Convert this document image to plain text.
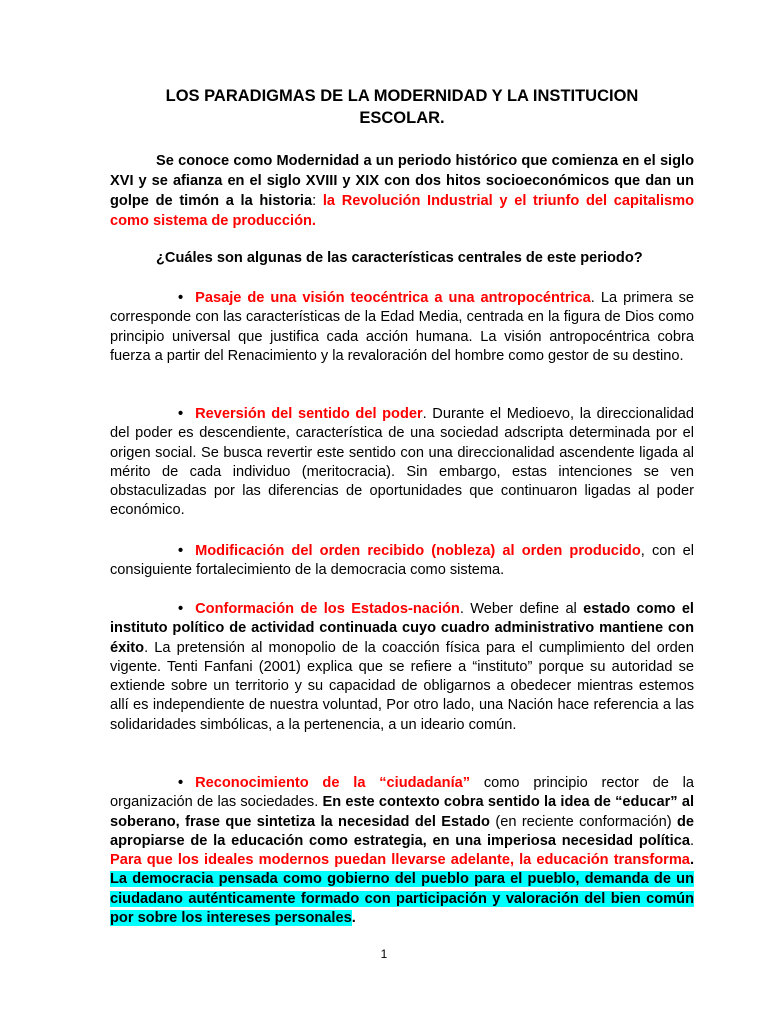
LOS PARADIGMAS DE LA MODERNIDAD Y LA INSTITUCION
ESCOLAR.

Se conoce como Modernidad a un periodo histórico que comienza en el siglo XVI y se afianza en el siglo XVIII y XIX con dos hitos socioeconómicos que dan un golpe de timón a la historia: la Revolución Industrial y el triunfo del capitalismo como sistema de producción.

¿Cuáles son algunas de las características centrales de este periodo?

• Pasaje de una visión teocéntrica a una antropocéntrica. La primera se corresponde con las características de la Edad Media, centrada en la figura de Dios como principio universal que justifica cada acción humana. La visión antropocéntrica cobra fuerza a partir del Renacimiento y la revaloración del hombre como gestor de su destino.

• Reversión del sentido del poder. Durante el Medioevo, la direccionalidad del poder es descendiente, característica de una sociedad adscripta determinada por el origen social. Se busca revertir este sentido con una direccionalidad ascendente ligada al mérito de cada individuo (meritocracia). Sin embargo, estas intenciones se ven obstaculizadas por las diferencias de oportunidades que continuaron ligadas al poder económico.

• Modificación del orden recibido (nobleza) al orden producido, con el consiguiente fortalecimiento de la democracia como sistema.

• Conformación de los Estados-nación. Weber define al estado como el instituto político de actividad continuada cuyo cuadro administrativo mantiene con éxito. La pretensión al monopolio de la coacción física para el cumplimiento del orden vigente. Tenti Fanfani (2001) explica que se refiere a “instituto” porque su autoridad se extiende sobre un territorio y su capacidad de obligarnos a obedecer mientras estemos allí es independiente de nuestra voluntad, Por otro lado, una Nación hace referencia a las solidaridades simbólicas, a la pertenencia, a un ideario común.

• Reconocimiento de la “ciudadanía” como principio rector de la organización de las sociedades. En este contexto cobra sentido la idea de “educar” al soberano, frase que sintetiza la necesidad del Estado (en reciente conformación) de apropiarse de la educación como estrategia, en una imperiosa necesidad política. Para que los ideales modernos puedan llevarse adelante, la educación transforma. La democracia pensada como gobierno del pueblo para el pueblo, demanda de un ciudadano auténticamente formado con participación y valoración del bien común por sobre los intereses personales.

1
